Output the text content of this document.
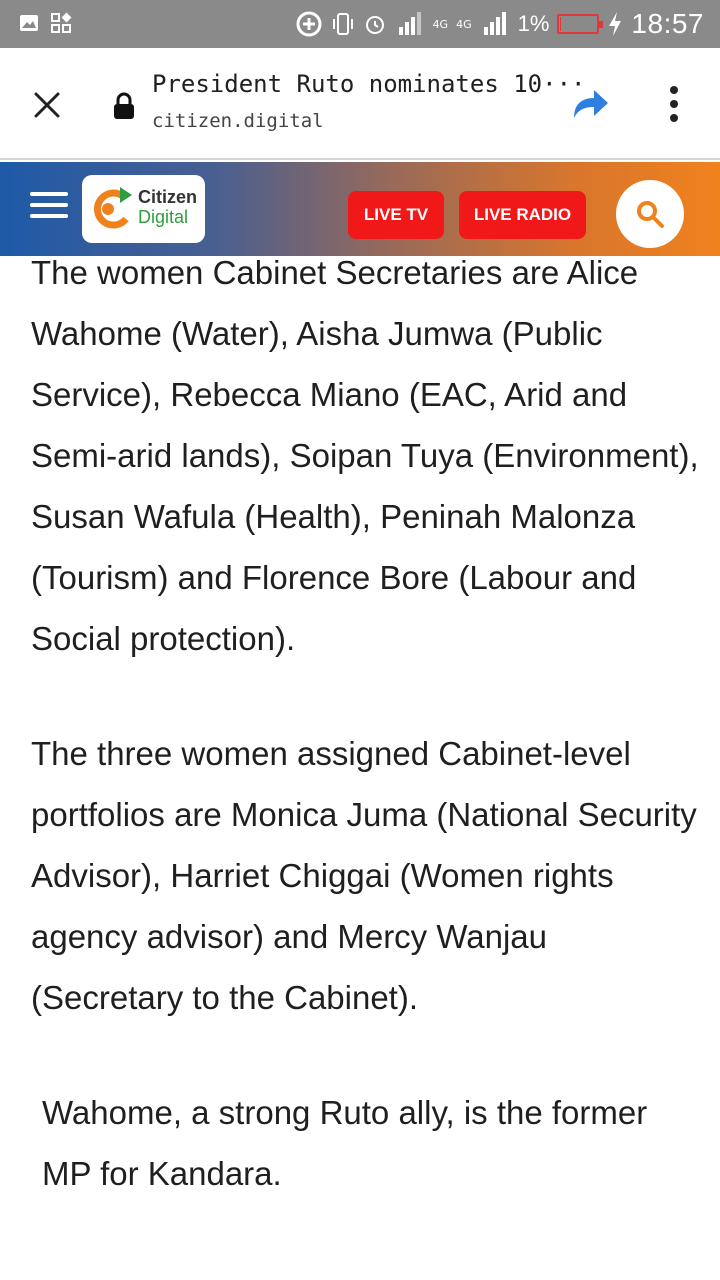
4G 4G 1%	18:57
President Ruto nominates 10···
citizen.digital
Citizen
Digital	LIVE TV	LIVE RADIO

The women Cabinet Secretaries are Alice Wahome (Water), Aisha Jumwa (Public Service), Rebecca Miano (EAC, Arid and Semi-arid lands), Soipan Tuya (Environment), Susan Wafula (Health), Peninah Malonza (Tourism) and Florence Bore (Labour and Social protection).

The three women assigned Cabinet-level portfolios are Monica Juma (National Security Advisor), Harriet Chiggai (Women rights agency advisor) and Mercy Wanjau (Secretary to the Cabinet).

Wahome, a strong Ruto ally, is the former MP for Kandara.
